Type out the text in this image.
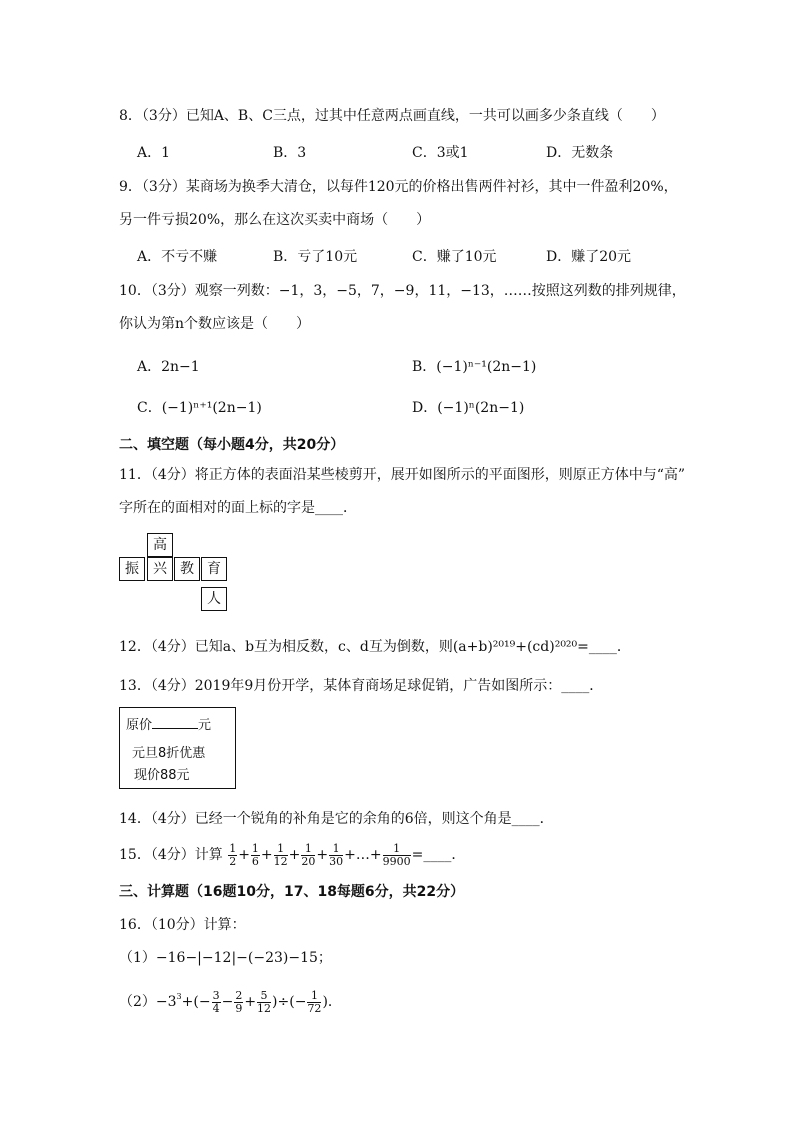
8．（3分）已知A、B、C三点，过其中任意两点画直线，一共可以画多少条直线（　　）
A．1	B．3	C．3或1	D．无数条
9．（3分）某商场为换季大清仓，以每件120元的价格出售两件衬衫，其中一件盈利20%，
另一件亏损20%，那么在这次买卖中商场（　　）
A．不亏不赚	B．亏了10元	C．赚了10元	D．赚了20元
10．（3分）观察一列数：−1，3，−5，7，−9，11，−13，……按照这列数的排列规律，
你认为第n个数应该是（　　）
A．2n−1	B．(−1)ⁿ⁻¹(2n−1)
C．(−1)ⁿ⁺¹(2n−1)	D．(−1)ⁿ(2n−1)
二、填空题（每小题4分，共20分）
11．（4分）将正方体的表面沿某些棱剪开，展开如图所示的平面图形，则原正方体中与“高”
字所在的面相对的面上标的字是____．
高
振	兴 教 育
人
12．（4分）已知a、b互为相反数，c、d互为倒数，则(a+b)²⁰¹⁹+(cd)²⁰²⁰=____．
13．（4分）2019年9月份开学，某体育商场足球促销，广告如图所示：____．
原价	元
元旦8折优惠
现价88元
14．（4分）已经一个锐角的补角是它的余角的6倍，则这个角是____．
15．（4分）计算 $\frac{1}{2} + \frac{1}{6} + \frac{1}{12} + \frac{1}{20} + \frac{1}{30}$ +…+ $\frac{1}{9900}$ =____．
三、计算题（16题10分，17、18每题6分，共22分）
16．（10分）计算：
（1）−16−|−12|−(−23)−15；
$(2)-3^3+(- \frac{3}{4} - \frac{2}{9} + \frac{5}{12}$ )÷(− $\frac{1}{72}$ )．
